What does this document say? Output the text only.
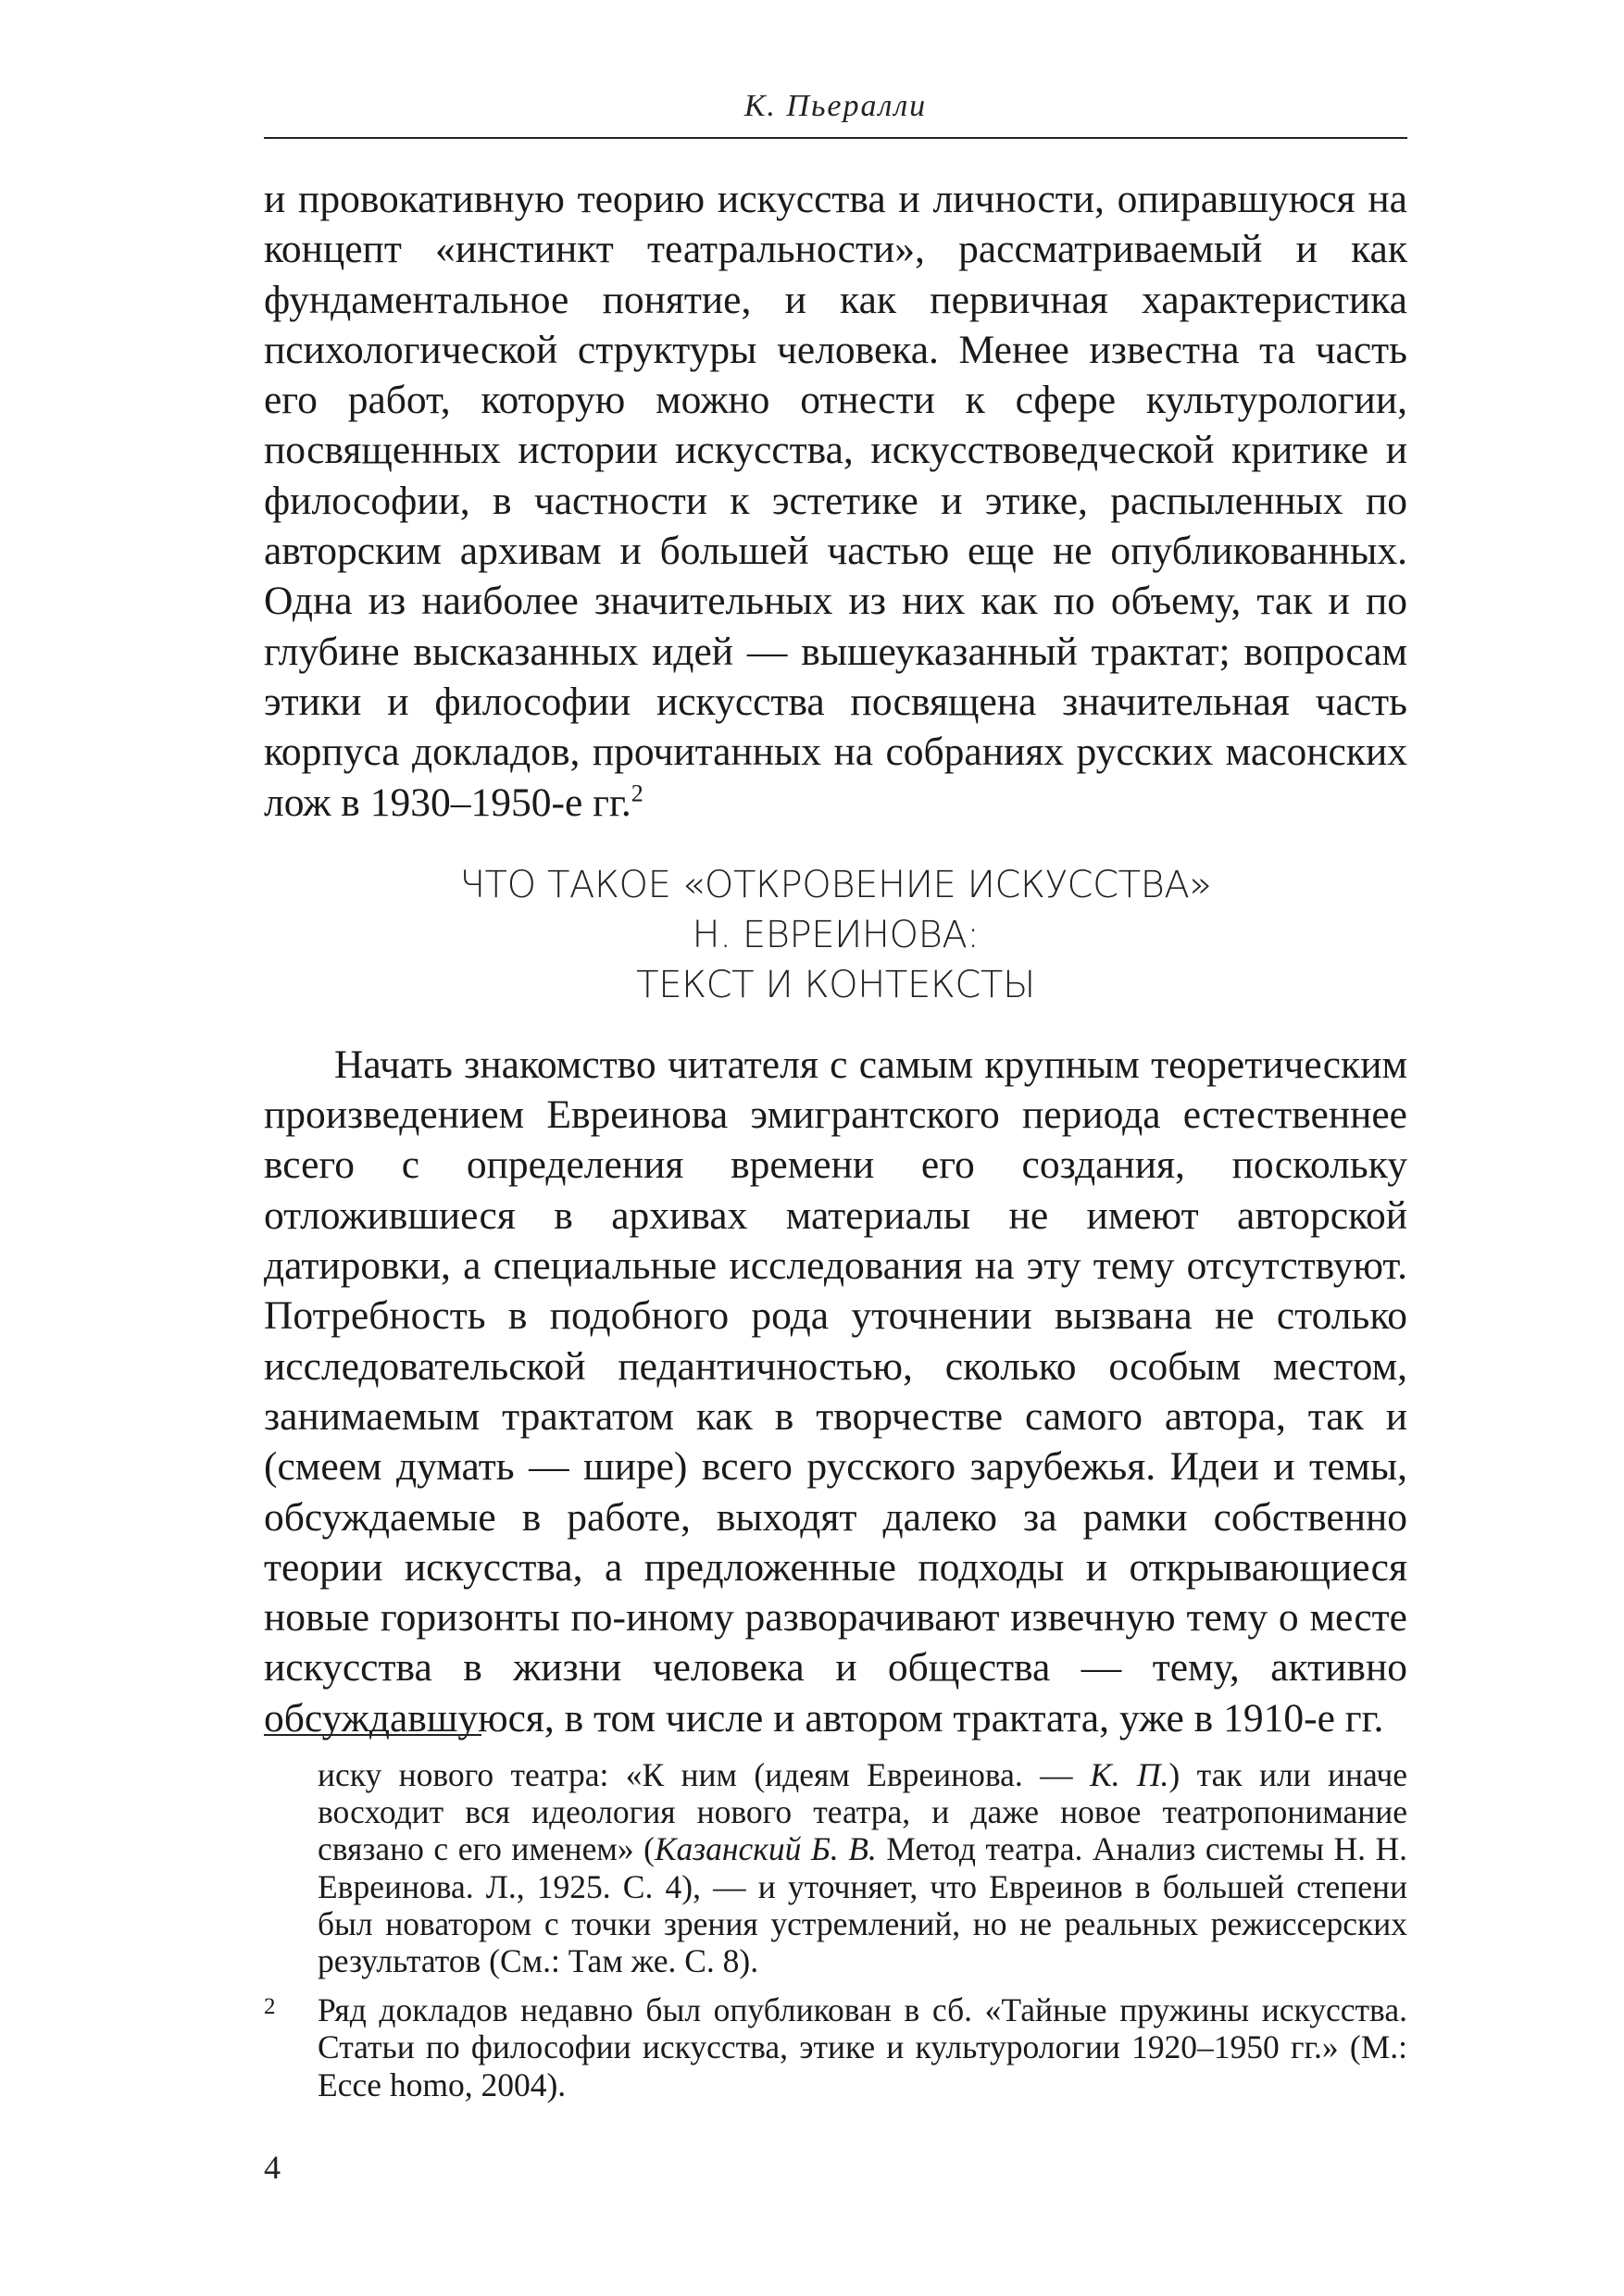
К. Пьералли

и провокативную теорию искусства и личности, опиравшуюся на концепт «инстинкт театральности», рассматриваемый и как фундаментальное понятие, и как первичная характеристика психологической структуры человека. Менее известна та часть его работ, которую можно отнести к сфере культурологии, посвященных истории искусства, искусствоведческой критике и философии, в частности к эстетике и этике, распыленных по авторским архивам и большей частью еще не опубликованных. Одна из наиболее значительных из них как по объему, так и по глубине высказанных идей — вышеуказанный трактат; вопросам этики и философии искусства посвящена значительная часть корпуса докладов, прочитанных на собраниях русских масонских лож в 1930–1950-е гг.$^2$

ЧТО ТАКОЕ «ОТКРОВЕНИЕ ИСКУССТВА»
Н. ЕВРЕИНОВА:
ТЕКСТ И КОНТЕКСТЫ

Начать знакомство читателя с самым крупным теоретическим произведением Евреинова эмигрантского периода естественнее всего с определения времени его создания, поскольку отложившиеся в архивах материалы не имеют авторской датировки, а специальные исследования на эту тему отсутствуют. Потребность в подобного рода уточнении вызвана не столько исследовательской педантичностью, сколько особым местом, занимаемым трактатом как в творчестве самого автора, так и (смеем думать — шире) всего русского зарубежья. Идеи и темы, обсуждаемые в работе, выходят далеко за рамки собственно теории искусства, а предложенные подходы и открывающиеся новые горизонты по-иному разворачивают извечную тему о месте искусства в жизни человека и общества — тему, активно обсуждавшуюся, в том числе и автором трактата, уже в 1910-е гг.

иску нового театра: «К ним (идеям Евреинова. — К. П.) так или иначе восходит вся идеология нового театра, и даже новое театропонимание связано с его именем» (Казанский Б. В. Метод театра. Анализ системы Н. Н. Евреинова. Л., 1925. С. 4), — и уточняет, что Евреинов в большей степени был новатором с точки зрения устремлений, но не реальных режиссерских результатов (См.: Там же. С. 8).
2 Ряд докладов недавно был опубликован в сб. «Тайные пружины искусства. Статьи по философии искусства, этике и культурологии 1920–1950 гг.» (М.: Ecce homo, 2004).
4
